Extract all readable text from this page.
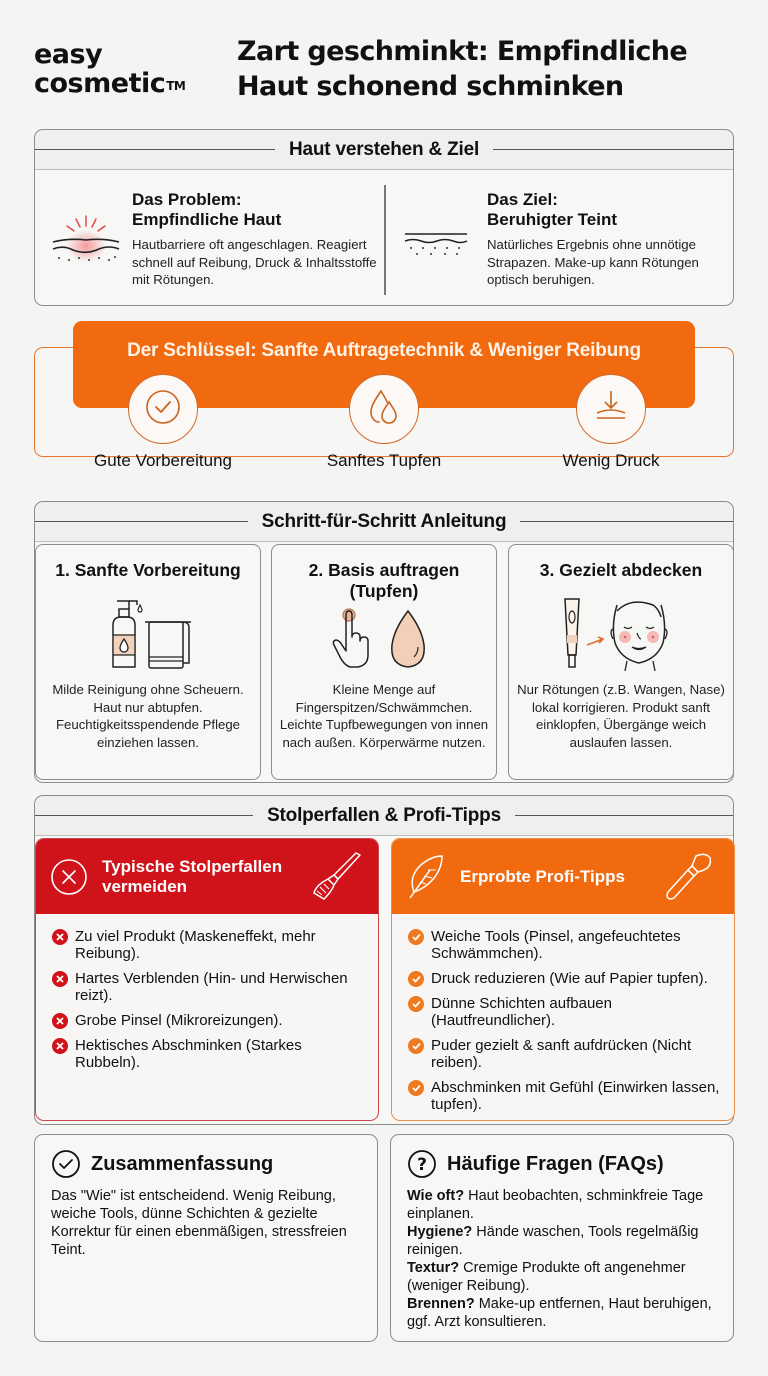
easy
cosmetic™
Zart geschminkt: Empfindliche
Haut schonend schminken
Haut verstehen & Ziel
Das Problem:
Empfindliche Haut

Hautbarriere oft angeschlagen. Reagiert schnell auf Reibung, Druck & Inhaltsstoffe mit Rötungen.

Das Ziel:
Beruhigter Teint

Natürliches Ergebnis ohne unnötige Strapazen. Make-up kann Rötungen optisch beruhigen.

Der Schlüssel: Sanfte Auftragetechnik & Weniger Reibung
Gute Vorbereitung	Sanftes Tupfen	Wenig Druck
Schritt-für-Schritt Anleitung
1. Sanfte Vorbereitung

Milde Reinigung ohne Scheuern. Haut nur abtupfen. Feuchtigkeitsspendende Pflege einziehen lassen.

2. Basis auftragen
(Tupfen)

Kleine Menge auf Fingerspitzen/Schwämmchen. Leichte Tupfbewegungen von innen nach außen. Körperwärme nutzen.

3. Gezielt abdecken

Nur Rötungen (z.B. Wangen, Nase) lokal korrigieren. Produkt sanft einklopfen, Übergänge weich auslaufen lassen.

Stolperfallen & Profi-Tipps
Typische Stolperfallen
vermeiden
Zu viel Produkt (Maskeneffekt, mehr Reibung).
Hartes Verblenden (Hin- und Herwischen reizt).
Grobe Pinsel (Mikroreizungen).
Hektisches Abschminken (Starkes Rubbeln).
Erprobte Profi-Tipps
Weiche Tools (Pinsel, angefeuchtetes Schwämmchen).
Druck reduzieren (Wie auf Papier tupfen).
Dünne Schichten aufbauen (Hautfreundlicher).
Puder gezielt & sanft aufdrücken (Nicht reiben).
Abschminken mit Gefühl (Einwirken lassen, tupfen).
Zusammenfassung
Das "Wie" ist entscheidend. Wenig Reibung, weiche Tools, dünne Schichten & gezielte Korrektur für einen ebenmäßigen, stressfreien Teint.
? Häufige Fragen (FAQs)
Wie oft? Haut beobachten, schminkfreie Tage einplanen.
Hygiene? Hände waschen, Tools regelmäßig reinigen.
Textur? Cremige Produkte oft angenehmer (weniger Reibung).
Brennen? Make-up entfernen, Haut beruhigen, ggf. Arzt konsultieren.
